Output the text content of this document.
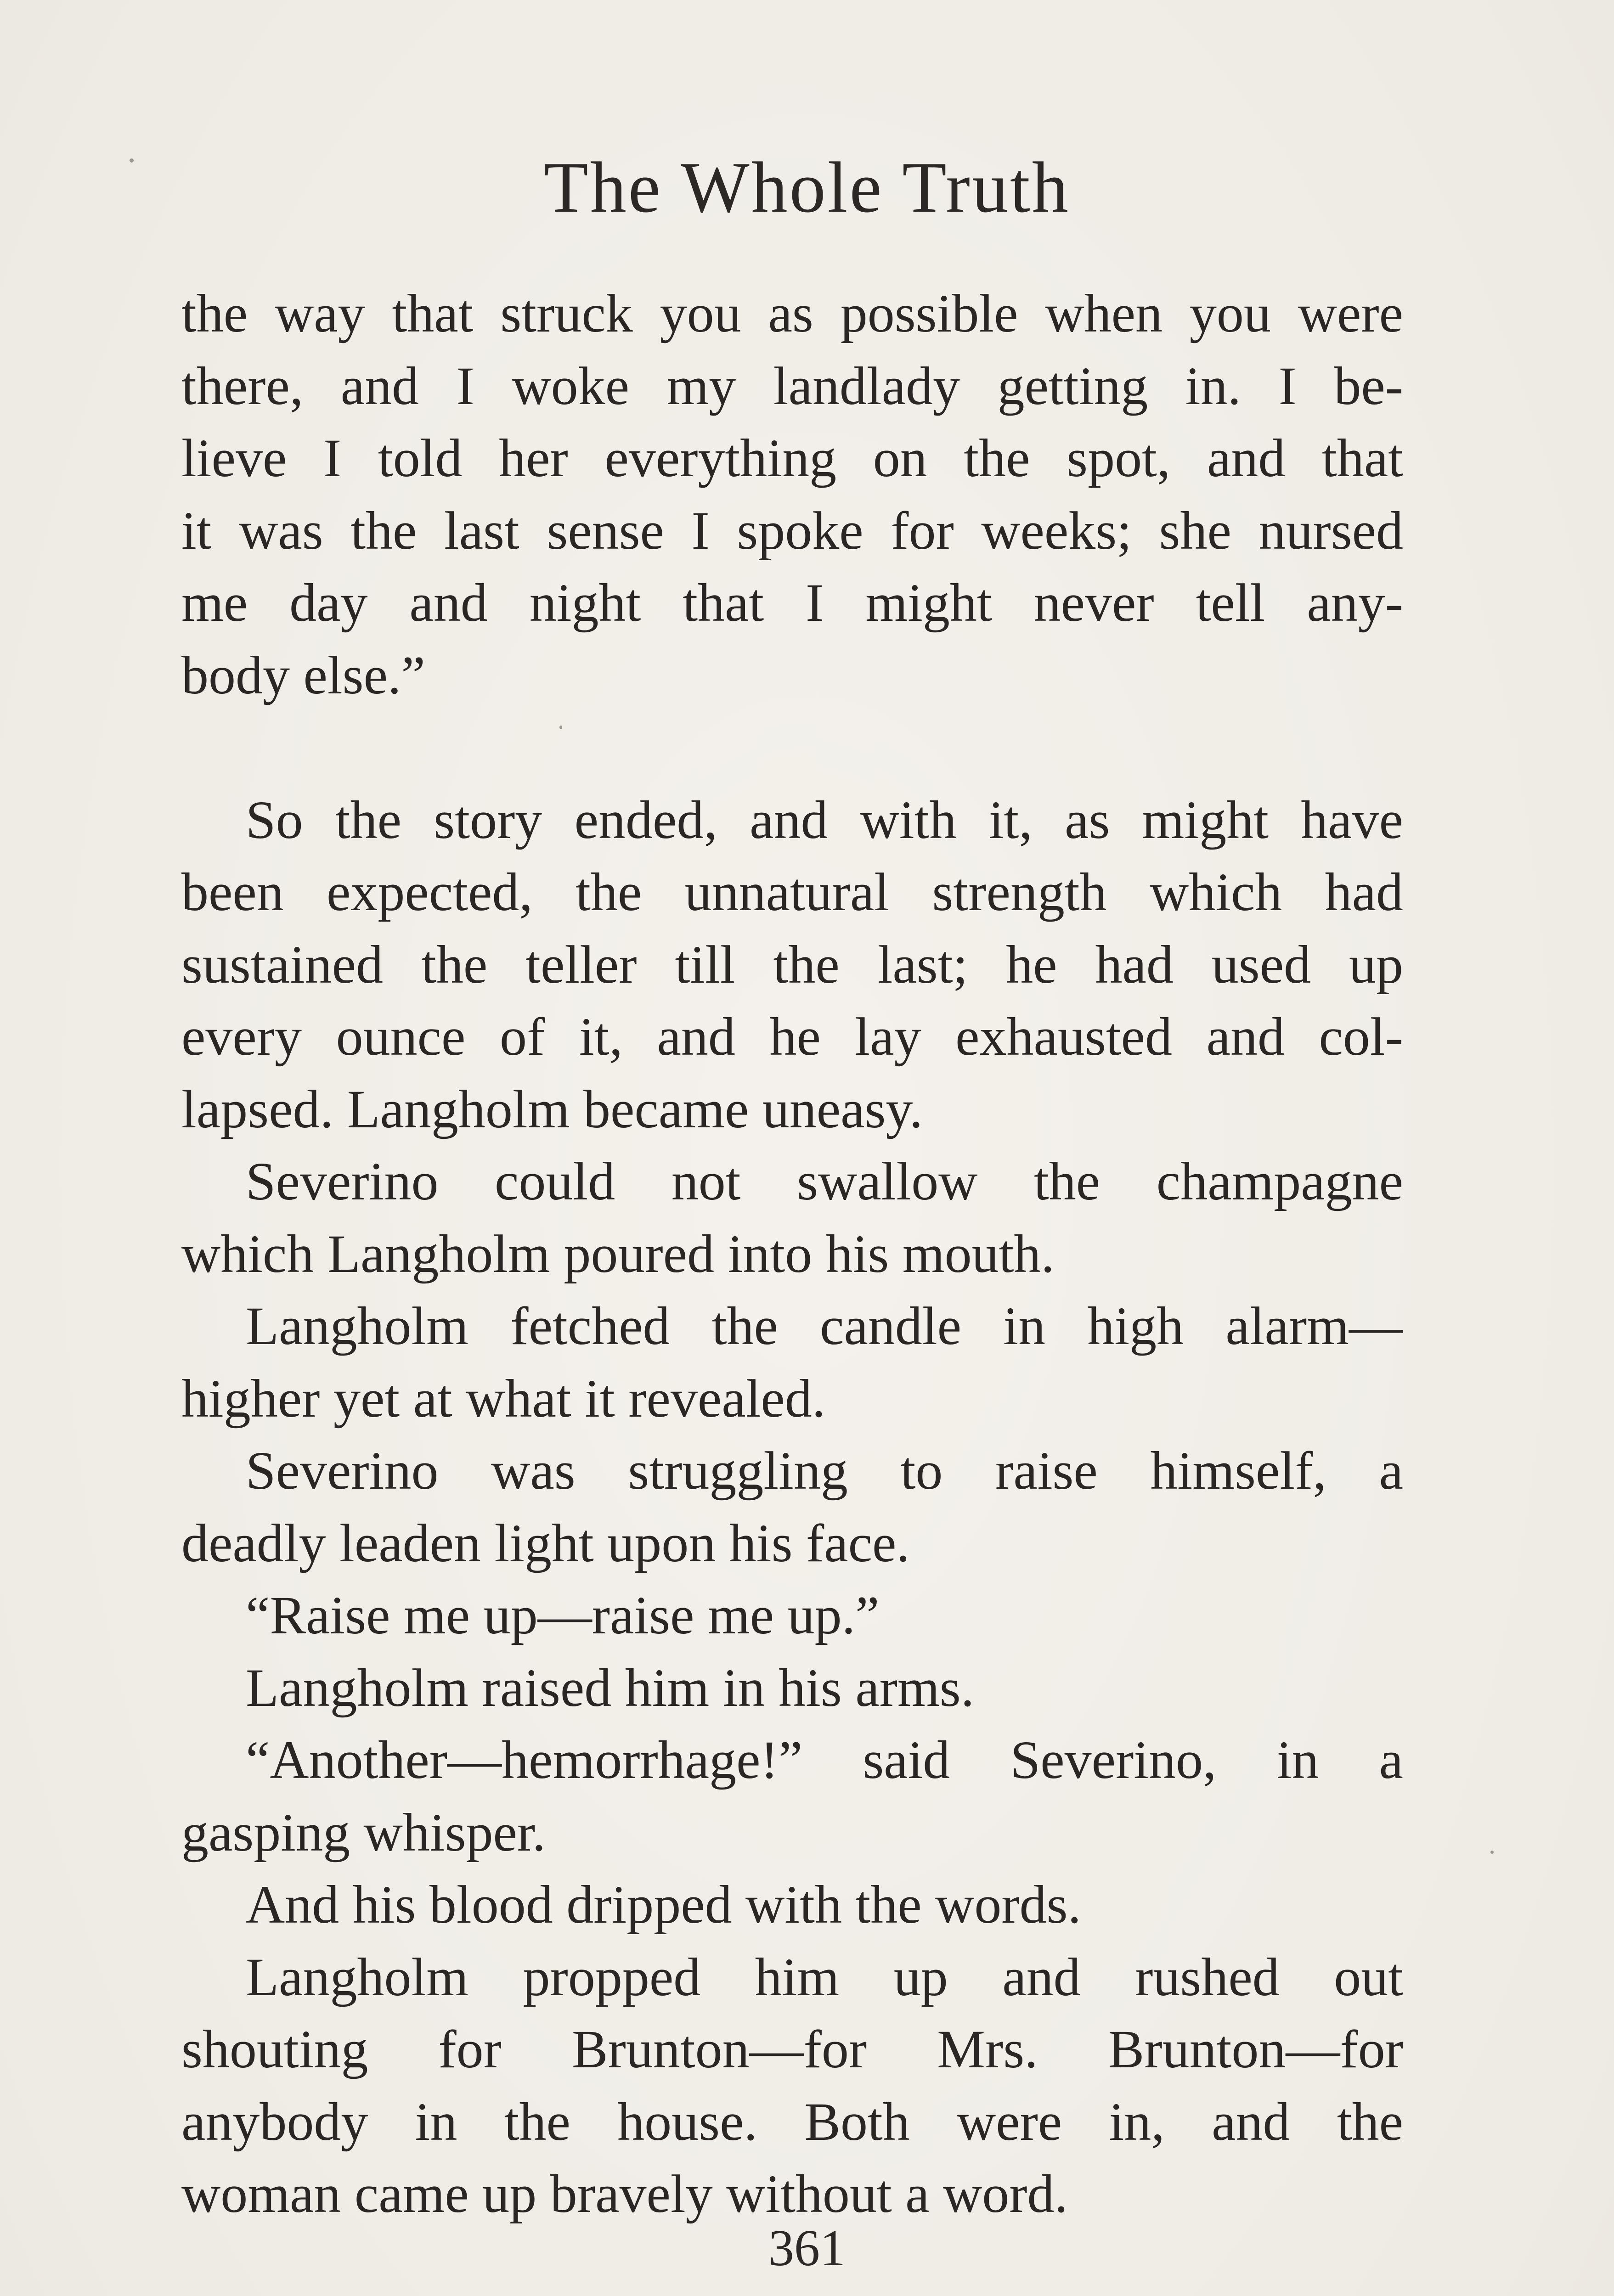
The Whole Truth
the way that struck you as possible when you were
there, and I woke my landlady getting in. I be-
lieve I told her everything on the spot, and that
it was the last sense I spoke for weeks; she nursed
me day and night that I might never tell any-
body else.”
So the story ended, and with it, as might have
been expected, the unnatural strength which had
sustained the teller till the last; he had used up
every ounce of it, and he lay exhausted and col-
lapsed. Langholm became uneasy.
Severino could not swallow the champagne
which Langholm poured into his mouth.
Langholm fetched the candle in high alarm—
higher yet at what it revealed.
Severino was struggling to raise himself, a
deadly leaden light upon his face.
“Raise me up—raise me up.”
Langholm raised him in his arms.
“Another—hemorrhage!” said Severino, in a
gasping whisper.
And his blood dripped with the words.
Langholm propped him up and rushed out
shouting for Brunton—for Mrs. Brunton—for
anybody in the house. Both were in, and the
woman came up bravely without a word.
361
